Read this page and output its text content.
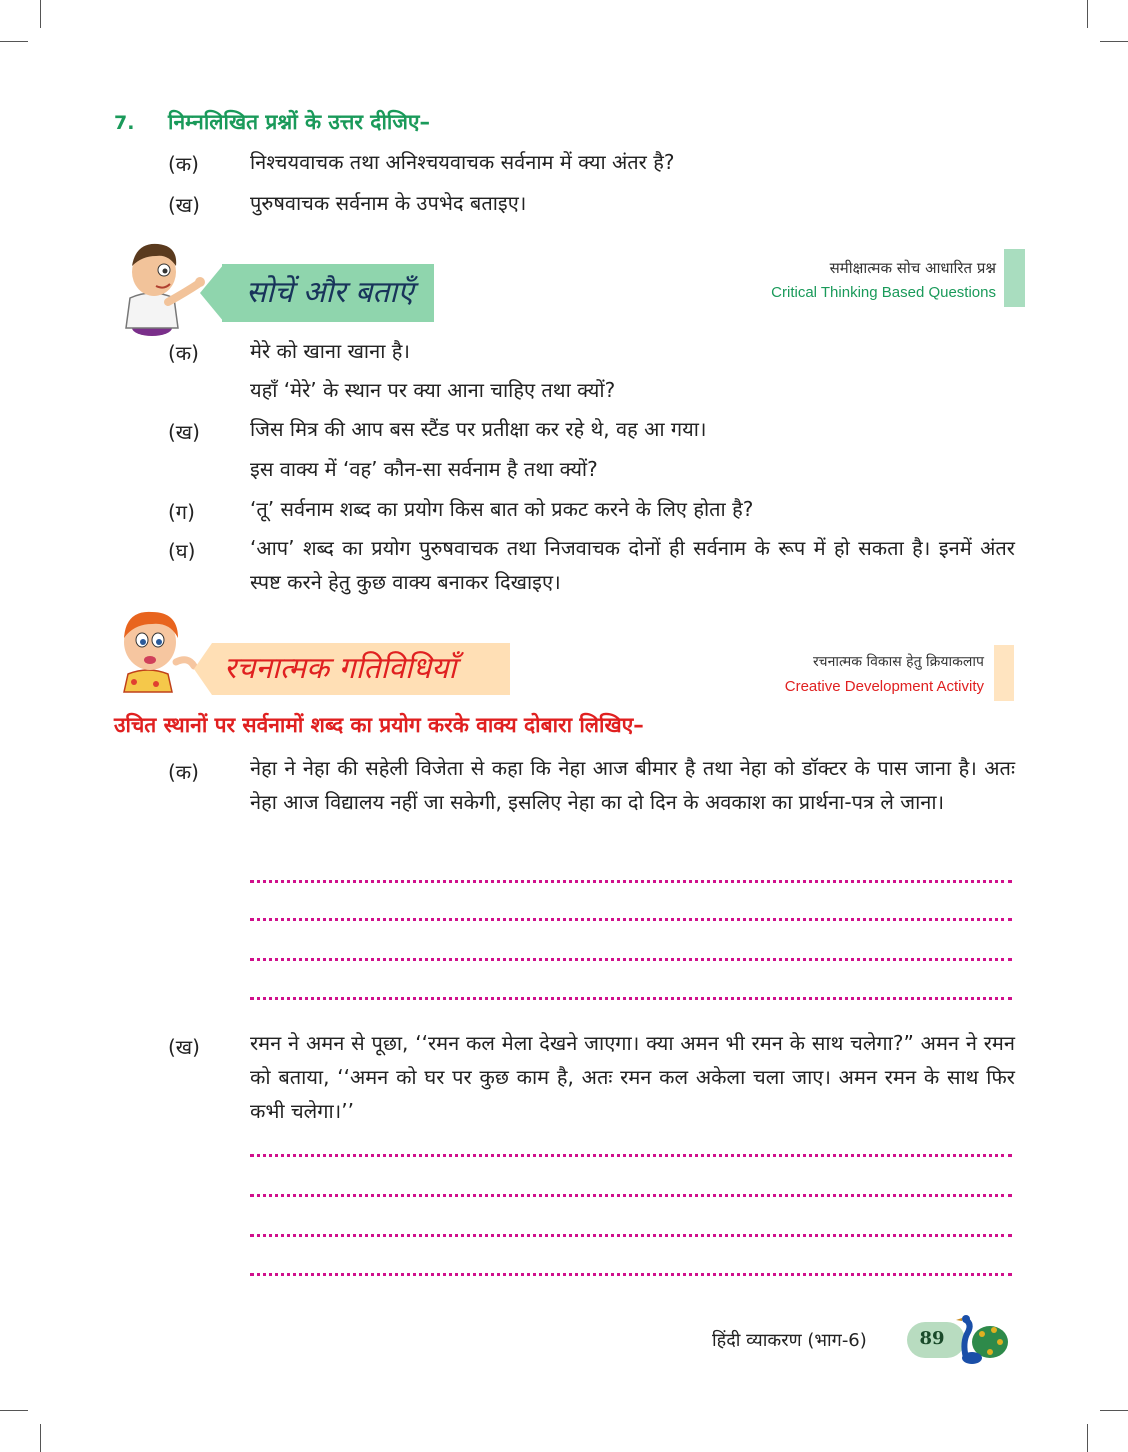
7. निम्नलिखित प्रश्नों के उत्तर दीजिए–
(क)	निश्चयवाचक तथा अनिश्चयवाचक सर्वनाम में क्या अंतर है?
(ख)	पुरुषवाचक सर्वनाम के उपभेद बताइए।
सोचें और बताएँ
समीक्षात्मक सोच आधारित प्रश्न
Critical Thinking Based Questions
(क)	मेरे को खाना खाना है।
यहाँ ‘मेरे’ के स्थान पर क्या आना चाहिए तथा क्यों?
(ख)	जिस मित्र की आप बस स्टैंड पर प्रतीक्षा कर रहे थे, वह आ गया।
इस वाक्य में ‘वह’ कौन-सा सर्वनाम है तथा क्यों?
(ग)	‘तू’ सर्वनाम शब्द का प्रयोग किस बात को प्रकट करने के लिए होता है?
(घ)	‘आप’ शब्द का प्रयोग पुरुषवाचक तथा निजवाचक दोनों ही सर्वनाम के रूप में हो सकता है। इनमें अंतर स्पष्ट करने हेतु कुछ वाक्य बनाकर दिखाइए।
रचनात्मक गतिविधियाँ	रचनात्मक विकास हेतु क्रियाकलाप
Creative Development Activity
उचित स्थानों पर सर्वनामों शब्द का प्रयोग करके वाक्य दोबारा लिखिए–
(क)	नेहा ने नेहा की सहेली विजेता से कहा कि नेहा आज बीमार है तथा नेहा को डॉक्टर के पास जाना है। अतः नेहा आज विद्यालय नहीं जा सकेगी, इसलिए नेहा का दो दिन के अवकाश का प्रार्थना-पत्र ले जाना।
(ख)	रमन ने अमन से पूछा, ‘‘रमन कल मेला देखने जाएगा। क्या अमन भी रमन के साथ चलेगा?” अमन ने रमन को बताया, ‘‘अमन को घर पर कुछ काम है, अतः रमन कल अकेला चला जाए। अमन रमन के साथ फिर कभी चलेगा।’’
हिंदी व्याकरण (भाग-6)	89
